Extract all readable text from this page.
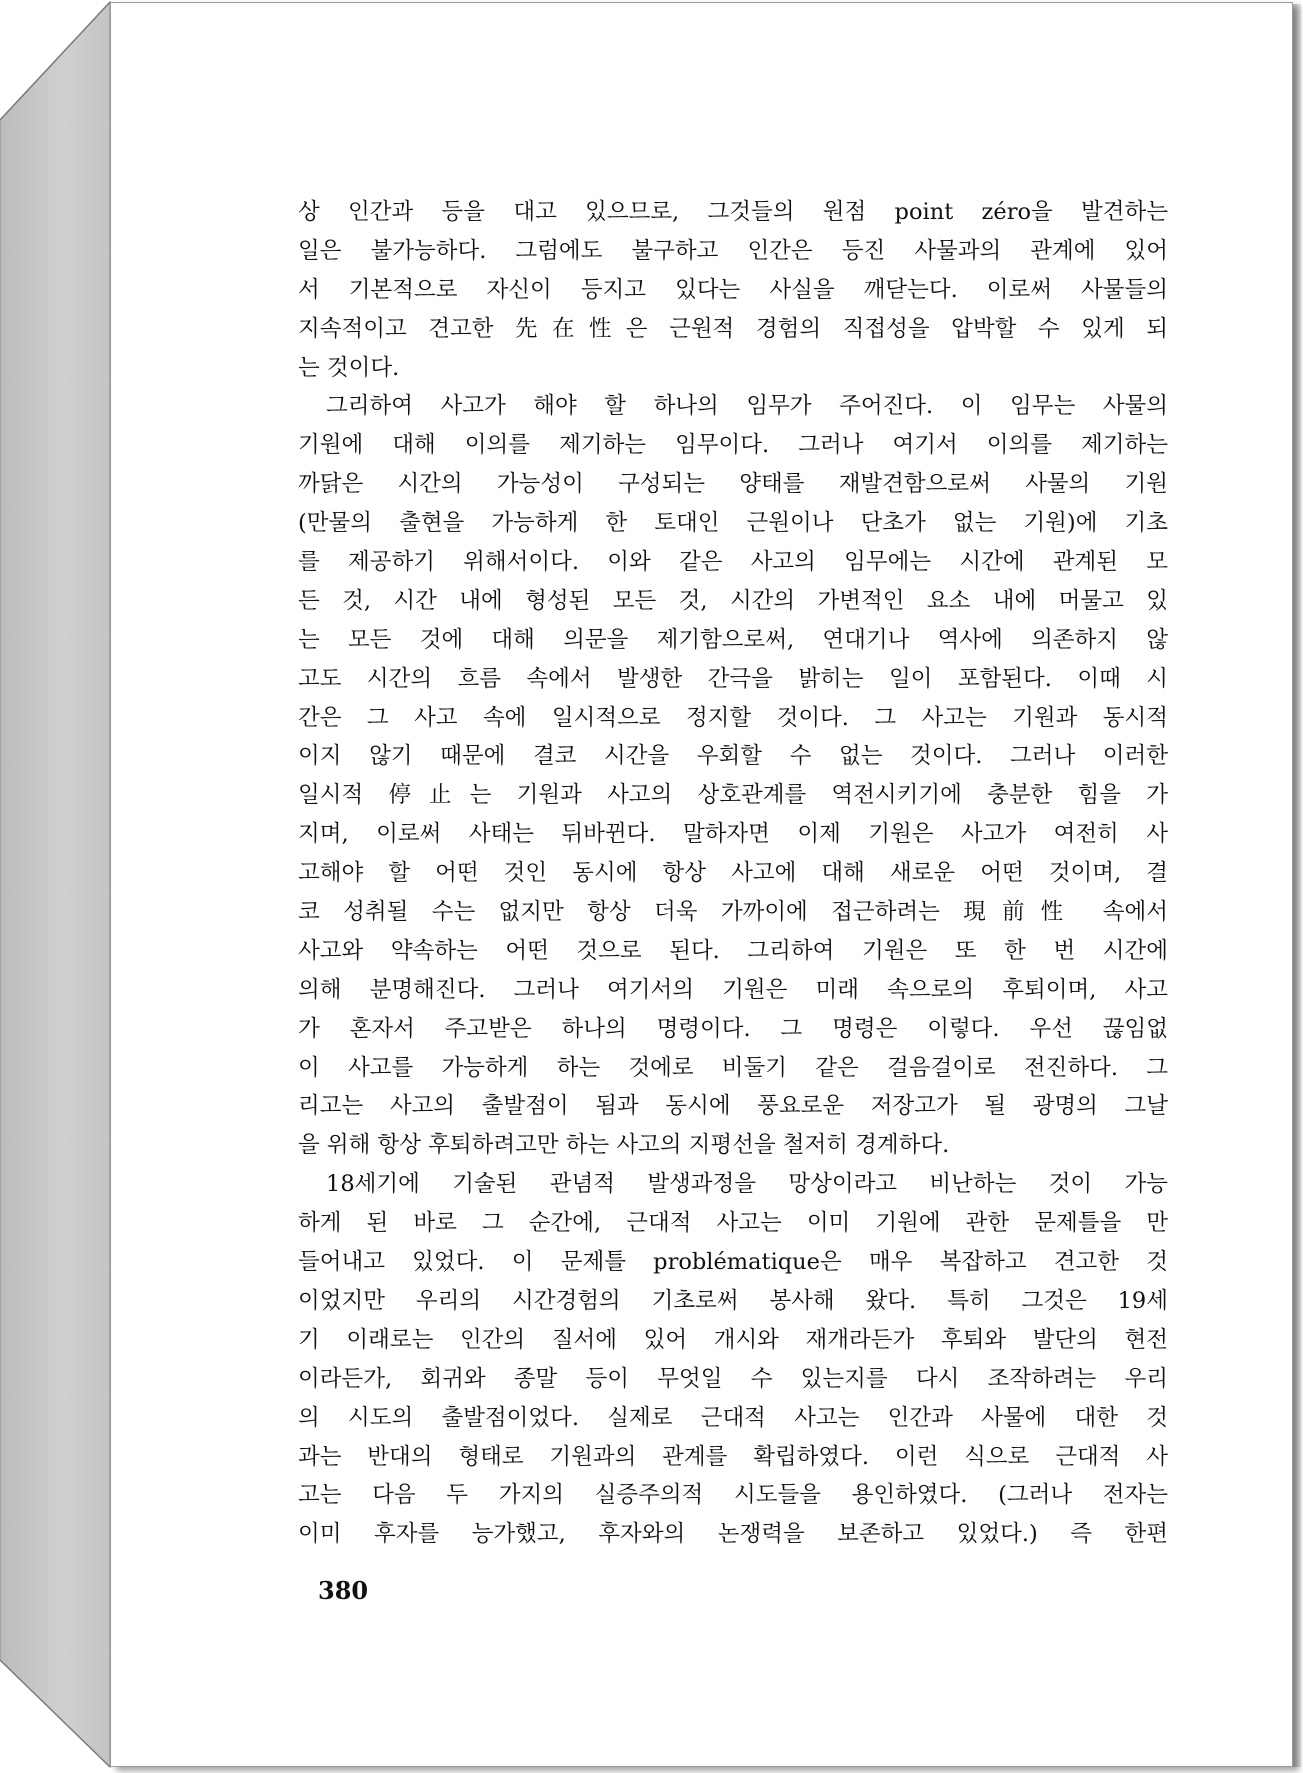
상 인간과 등을 대고 있으므로, 그것들의 원점 point zéro을 발견하는
일은 불가능하다. 그럼에도 불구하고 인간은 등진 사물과의 관계에 있어
서 기본적으로 자신이 등지고 있다는 사실을 깨닫는다. 이로써 사물들의
지속적이고 견고한 先在性은 근원적 경험의 직접성을 압박할 수 있게 되
는 것이다.
그리하여 사고가 해야 할 하나의 임무가 주어진다. 이 임무는 사물의
기원에 대해 이의를 제기하는 임무이다. 그러나 여기서 이의를 제기하는
까닭은 시간의 가능성이 구성되는 양태를 재발견함으로써 사물의 기원
(만물의 출현을 가능하게 한 토대인 근원이나 단초가 없는 기원)에 기초
를 제공하기 위해서이다. 이와 같은 사고의 임무에는 시간에 관계된 모
든 것, 시간 내에 형성된 모든 것, 시간의 가변적인 요소 내에 머물고 있
는 모든 것에 대해 의문을 제기함으로써, 연대기나 역사에 의존하지 않
고도 시간의 흐름 속에서 발생한 간극을 밝히는 일이 포함된다. 이때 시
간은 그 사고 속에 일시적으로 정지할 것이다. 그 사고는 기원과 동시적
이지 않기 때문에 결코 시간을 우회할 수 없는 것이다. 그러나 이러한
일시적 停止는 기원과 사고의 상호관계를 역전시키기에 충분한 힘을 가
지며, 이로써 사태는 뒤바뀐다. 말하자면 이제 기원은 사고가 여전히 사
고해야 할 어떤 것인 동시에 항상 사고에 대해 새로운 어떤 것이며, 결
코 성취될 수는 없지만 항상 더욱 가까이에 접근하려는 現前性 속에서
사고와 약속하는 어떤 것으로 된다. 그리하여 기원은 또 한 번 시간에
의해 분명해진다. 그러나 여기서의 기원은 미래 속으로의 후퇴이며, 사고
가 혼자서 주고받은 하나의 명령이다. 그 명령은 이렇다. 우선 끊임없
이 사고를 가능하게 하는 것에로 비둘기 같은 걸음걸이로 전진하다. 그
리고는 사고의 출발점이 됨과 동시에 풍요로운 저장고가 될 광명의 그날
을 위해 항상 후퇴하려고만 하는 사고의 지평선을 철저히 경계하다.
18세기에 기술된 관념적 발생과정을 망상이라고 비난하는 것이 가능
하게 된 바로 그 순간에, 근대적 사고는 이미 기원에 관한 문제틀을 만
들어내고 있었다. 이 문제틀 problématique은 매우 복잡하고 견고한 것
이었지만 우리의 시간경험의 기초로써 봉사해 왔다. 특히 그것은 19세
기 이래로는 인간의 질서에 있어 개시와 재개라든가 후퇴와 발단의 현전
이라든가, 회귀와 종말 등이 무엇일 수 있는지를 다시 조작하려는 우리
의 시도의 출발점이었다. 실제로 근대적 사고는 인간과 사물에 대한 것
과는 반대의 형태로 기원과의 관계를 확립하였다. 이런 식으로 근대적 사
고는 다음 두 가지의 실증주의적 시도들을 용인하였다. (그러나 전자는
이미 후자를 능가했고, 후자와의 논쟁력을 보존하고 있었다.) 즉 한편
380
